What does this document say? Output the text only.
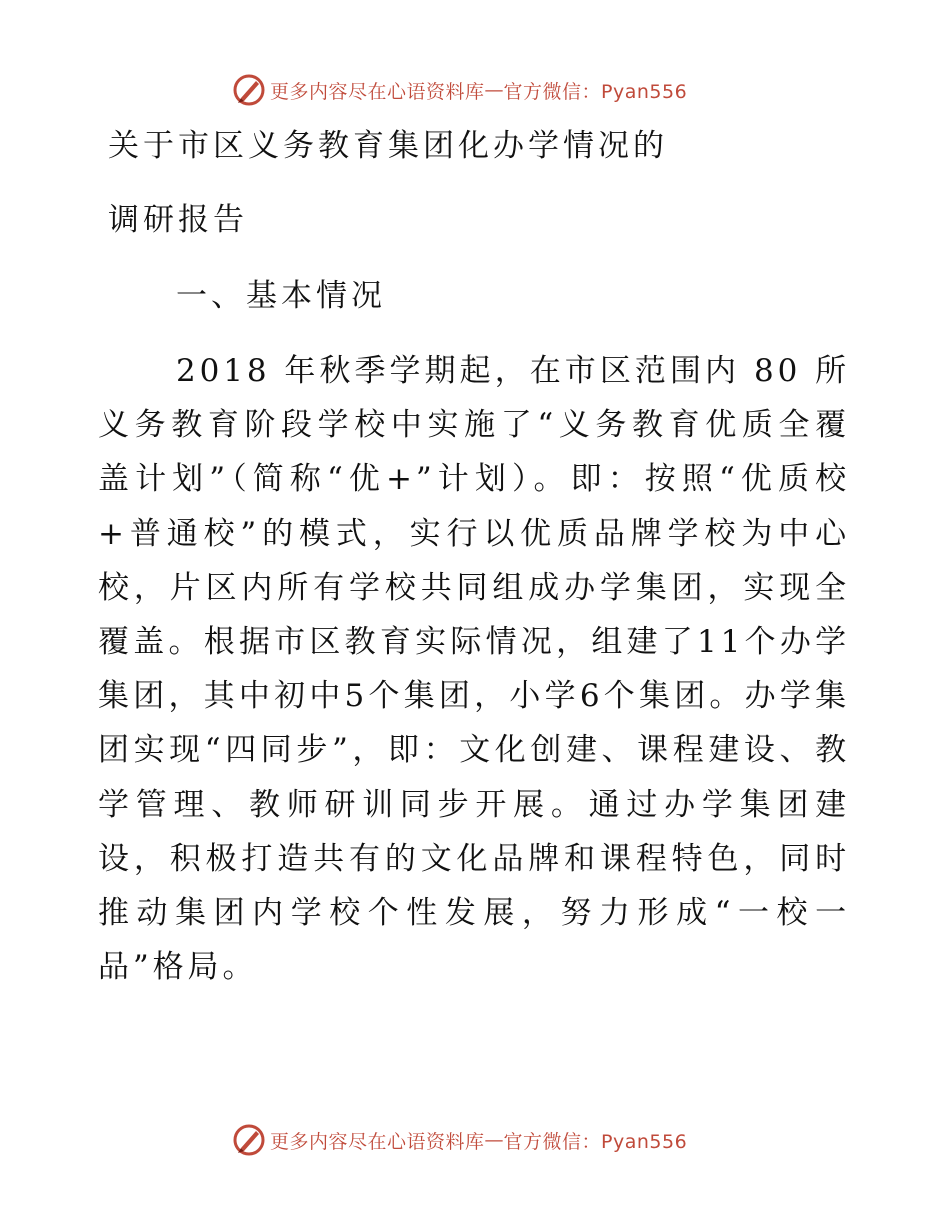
更多内容尽在心语资料库 — 官方微信：Pyan556
关于市区义务教育集团化办学情况的
调研报告
一、基本情况
2018 年秋季学期起，在市区范围内 80 所义务教育阶段学校中实施了“义务教育优质全覆盖计划”（简称“优+”计划）。即：按照“优质校+普通校”的模式，实行以优质品牌学校为中心校，片区内所有学校共同组成办学集团，实现全覆盖。根据市区教育实际情况，组建了11个办学集团，其中初中5个集团，小学6个集团。办学集团实现“四同步”，即：文化创建、课程建设、教学管理、教师研训同步开展。通过办学集团建设，积极打造共有的文化品牌和课程特色，同时推动集团内学校个性发展，努力形成“一校一品”格局。
更多内容尽在心语资料库 — 官方微信：Pyan556
